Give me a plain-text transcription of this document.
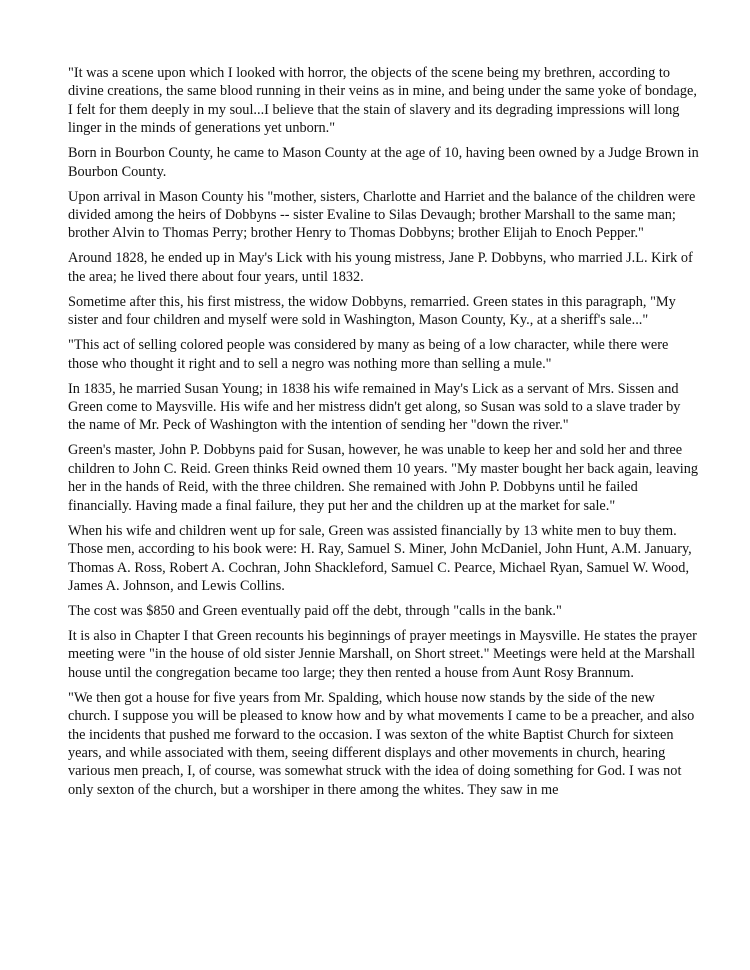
"It was a scene upon which I looked with horror, the objects of the scene being my brethren, according to divine creations, the same blood running in their veins as in mine, and being under the same yoke of bondage, I felt for them deeply in my soul...I believe that the stain of slavery and its degrading impressions will long linger in the minds of generations yet unborn."

Born in Bourbon County, he came to Mason County at the age of 10, having been owned by a Judge Brown in Bourbon County.

Upon arrival in Mason County his "mother, sisters, Charlotte and Harriet and the balance of the children were divided among the heirs of Dobbyns -- sister Evaline to Silas Devaugh; brother Marshall to the same man; brother Alvin to Thomas Perry; brother Henry to Thomas Dobbyns; brother Elijah to Enoch Pepper."

Around 1828, he ended up in May's Lick with his young mistress, Jane P. Dobbyns, who married J.L. Kirk of the area; he lived there about four years, until 1832.

Sometime after this, his first mistress, the widow Dobbyns, remarried. Green states in this paragraph, "My sister and four children and myself were sold in Washington, Mason County, Ky., at a sheriff's sale..."

"This act of selling colored people was considered by many as being of a low character, while there were those who thought it right and to sell a negro was nothing more than selling a mule."

In 1835, he married Susan Young; in 1838 his wife remained in May's Lick as a servant of Mrs. Sissen and Green come to Maysville. His wife and her mistress didn't get along, so Susan was sold to a slave trader by the name of Mr. Peck of Washington with the intention of sending her "down the river."

Green's master, John P. Dobbyns paid for Susan, however, he was unable to keep her and sold her and three children to John C. Reid. Green thinks Reid owned them 10 years. "My master bought her back again, leaving her in the hands of Reid, with the three children. She remained with John P. Dobbyns until he failed financially. Having made a final failure, they put her and the children up at the market for sale."

When his wife and children went up for sale, Green was assisted financially by 13 white men to buy them. Those men, according to his book were: H. Ray, Samuel S. Miner, John McDaniel, John Hunt, A.M. January, Thomas A. Ross, Robert A. Cochran, John Shackleford, Samuel C. Pearce, Michael Ryan, Samuel W. Wood, James A. Johnson, and Lewis Collins.

The cost was $850 and Green eventually paid off the debt, through "calls in the bank."

It is also in Chapter I that Green recounts his beginnings of prayer meetings in Maysville. He states the prayer meeting were "in the house of old sister Jennie Marshall, on Short street." Meetings were held at the Marshall house until the congregation became too large; they then rented a house from Aunt Rosy Brannum.

"We then got a house for five years from Mr. Spalding, which house now stands by the side of the new church. I suppose you will be pleased to know how and by what movements I came to be a preacher, and also the incidents that pushed me forward to the occasion. I was sexton of the white Baptist Church for sixteen years, and while associated with them, seeing different displays and other movements in church, hearing various men preach, I, of course, was somewhat struck with the idea of doing something for God. I was not only sexton of the church, but a worshiper in there among the whites. They saw in me
